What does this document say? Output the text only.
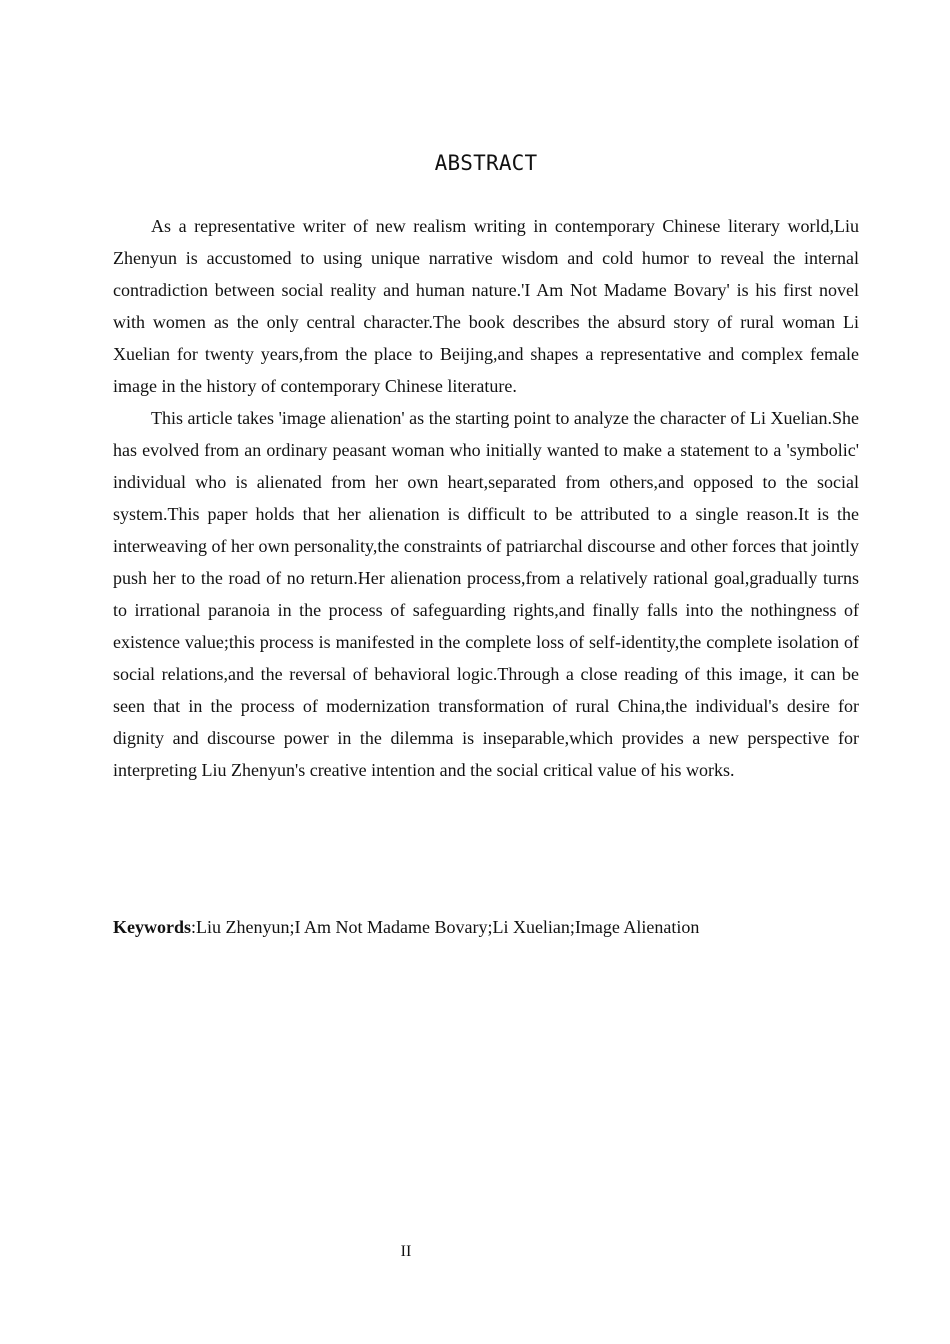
ABSTRACT

As a representative writer of new realism writing in contemporary Chinese literary world,Liu Zhenyun is accustomed to using unique narrative wisdom and cold humor to reveal the internal contradiction between social reality and human nature.'I Am Not Madame Bovary' is his first novel with women as the only central character.The book describes the absurd story of rural woman Li Xuelian for twenty years,from the place to Beijing,and shapes a representative and complex female image in the history of contemporary Chinese literature.

This article takes 'image alienation' as the starting point to analyze the character of Li Xuelian.She has evolved from an ordinary peasant woman who initially wanted to make a statement to a 'symbolic' individual who is alienated from her own heart,separated from others,and opposed to the social system.This paper holds that her alienation is difficult to be attributed to a single reason.It is the interweaving of her own personality,the constraints of patriarchal discourse and other forces that jointly push her to the road of no return.Her alienation process,from a relatively rational goal,gradually turns to irrational paranoia in the process of safeguarding rights,and finally falls into the nothingness of existence value;this process is manifested in the complete loss of self-identity,the complete isolation of social relations,and the reversal of behavioral logic.Through a close reading of this image, it can be seen that in the process of modernization transformation of rural China,the individual's desire for dignity and discourse power in the dilemma is inseparable,which provides a new perspective for interpreting Liu Zhenyun's creative intention and the social critical value of his works.

Keywords:Liu Zhenyun;I Am Not Madame Bovary;Li Xuelian;Image Alienation

II
